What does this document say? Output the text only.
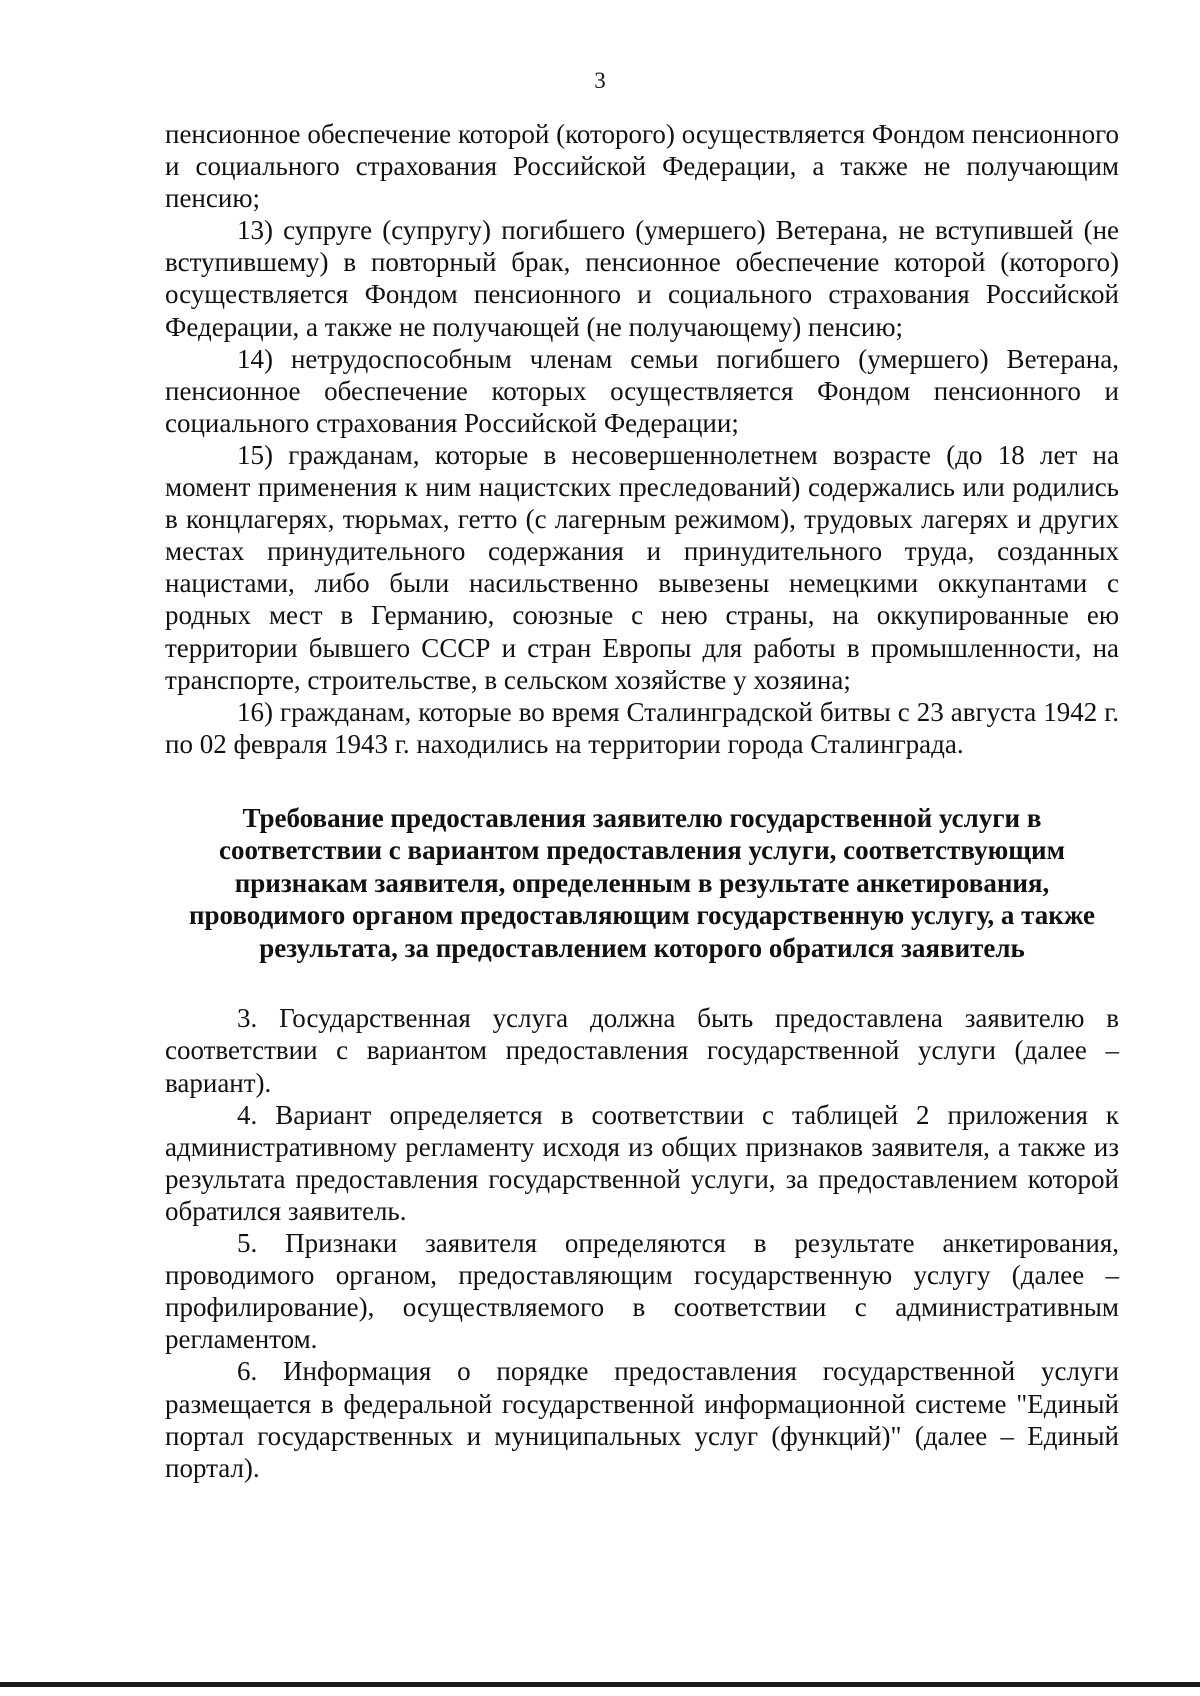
3

пенсионное обеспечение которой (которого) осуществляется Фондом пенсионного и социального страхования Российской Федерации, а также не получающим пенсию;

13) супруге (супругу) погибшего (умершего) Ветерана, не вступившей (не вступившему) в повторный брак, пенсионное обеспечение которой (которого) осуществляется Фондом пенсионного и социального страхования Российской Федерации, а также не получающей (не получающему) пенсию;

14) нетрудоспособным членам семьи погибшего (умершего) Ветерана, пенсионное обеспечение которых осуществляется Фондом пенсионного и социального страхования Российской Федерации;

15) гражданам, которые в несовершеннолетнем возрасте (до 18 лет на момент применения к ним нацистских преследований) содержались или родились в концлагерях, тюрьмах, гетто (с лагерным режимом), трудовых лагерях и других местах принудительного содержания и принудительного труда, созданных нацистами, либо были насильственно вывезены немецкими оккупантами с родных мест в Германию, союзные с нею страны, на оккупированные ею территории бывшего СССР и стран Европы для работы в промышленности, на транспорте, строительстве, в сельском хозяйстве у хозяина;

16) гражданам, которые во время Сталинградской битвы с 23 августа 1942 г. по 02 февраля 1943 г. находились на территории города Сталинграда.

Требование предоставления заявителю государственной услуги в соответствии с вариантом предоставления услуги, соответствующим признакам заявителя, определенным в результате анкетирования, проводимого органом предоставляющим государственную услугу, а также результата, за предоставлением которого обратился заявитель

3. Государственная услуга должна быть предоставлена заявителю в соответствии с вариантом предоставления государственной услуги (далее – вариант).

4. Вариант определяется в соответствии с таблицей 2 приложения к административному регламенту исходя из общих признаков заявителя, а также из результата предоставления государственной услуги, за предоставлением которой обратился заявитель.

5. Признаки заявителя определяются в результате анкетирования, проводимого органом, предоставляющим государственную услугу (далее – профилирование), осуществляемого в соответствии с административным регламентом.

6. Информация о порядке предоставления государственной услуги размещается в федеральной государственной информационной системе "Единый портал государственных и муниципальных услуг (функций)" (далее – Единый портал).
